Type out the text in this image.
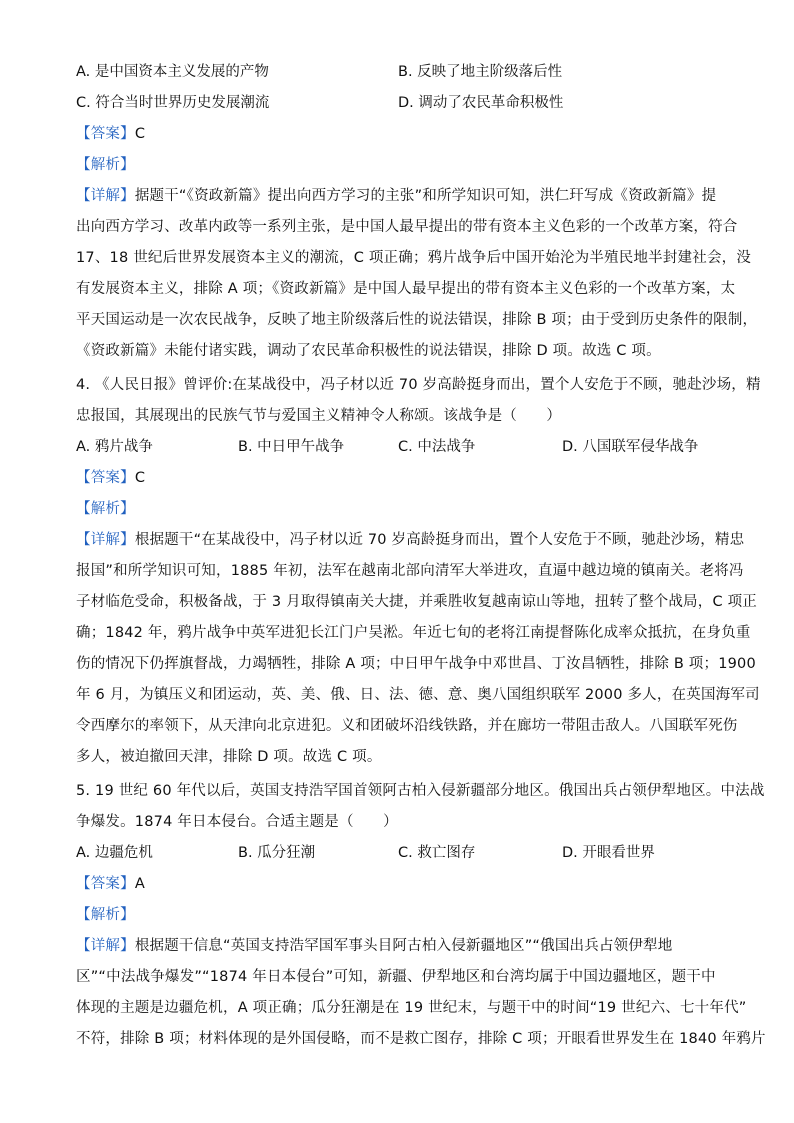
A. 是中国资本主义发展的产物	B. 反映了地主阶级落后性
C. 符合当时世界历史发展潮流	D. 调动了农民革命积极性
【答案】C
【解析】
【详解】据题干“《资政新篇》提出向西方学习的主张”和所学知识可知，洪仁玕写成《资政新篇》提
出向西方学习、改革内政等一系列主张，是中国人最早提出的带有资本主义色彩的一个改革方案，符合
17、18 世纪后世界发展资本主义的潮流，C 项正确；鸦片战争后中国开始沦为半殖民地半封建社会，没
有发展资本主义，排除 A 项；《资政新篇》是中国人最早提出的带有资本主义色彩的一个改革方案，太
平天国运动是一次农民战争，反映了地主阶级落后性的说法错误，排除 B 项；由于受到历史条件的限制，
《资政新篇》未能付诸实践，调动了农民革命积极性的说法错误，排除 D 项。故选 C 项。
4. 《人民日报》曾评价:在某战役中，冯子材以近 70 岁高龄挺身而出，置个人安危于不顾，驰赴沙场，精
忠报国，其展现出的民族气节与爱国主义精神令人称颂。该战争是（　　）
A. 鸦片战争	B. 中日甲午战争	C. 中法战争	D. 八国联军侵华战争
【答案】C
【解析】
【详解】根据题干“在某战役中，冯子材以近 70 岁高龄挺身而出，置个人安危于不顾，驰赴沙场，精忠
报国”和所学知识可知，1885 年初，法军在越南北部向清军大举进攻，直逼中越边境的镇南关。老将冯
子材临危受命，积极备战，于 3 月取得镇南关大捷，并乘胜收复越南谅山等地，扭转了整个战局，C 项正
确；1842 年，鸦片战争中英军进犯长江门户吴淞。年近七旬的老将江南提督陈化成率众抵抗，在身负重
伤的情况下仍挥旗督战，力竭牺牲，排除 A 项；中日甲午战争中邓世昌、丁汝昌牺牲，排除 B 项；1900
年 6 月，为镇压义和团运动，英、美、俄、日、法、德、意、奥八国组织联军 2000 多人，在英国海军司
令西摩尔的率领下，从天津向北京进犯。义和团破坏沿线铁路，并在廊坊一带阻击敌人。八国联军死伤
多人，被迫撤回天津，排除 D 项。故选 C 项。
5. 19 世纪 60 年代以后，英国支持浩罕国首领阿古柏入侵新疆部分地区。俄国出兵占领伊犁地区。中法战
争爆发。1874 年日本侵台。合适主题是（　　）
A. 边疆危机	B. 瓜分狂潮	C. 救亡图存	D. 开眼看世界
【答案】A
【解析】
【详解】根据题干信息“英国支持浩罕国军事头目阿古柏入侵新疆地区”“俄国出兵占领伊犁地
区”“中法战争爆发”“1874 年日本侵台”可知，新疆、伊犁地区和台湾均属于中国边疆地区，题干中
体现的主题是边疆危机，A 项正确；瓜分狂潮是在 19 世纪末，与题干中的时间“19 世纪六、七十年代”
不符，排除 B 项；材料体现的是外国侵略，而不是救亡图存，排除 C 项；开眼看世界发生在 1840 年鸦片
